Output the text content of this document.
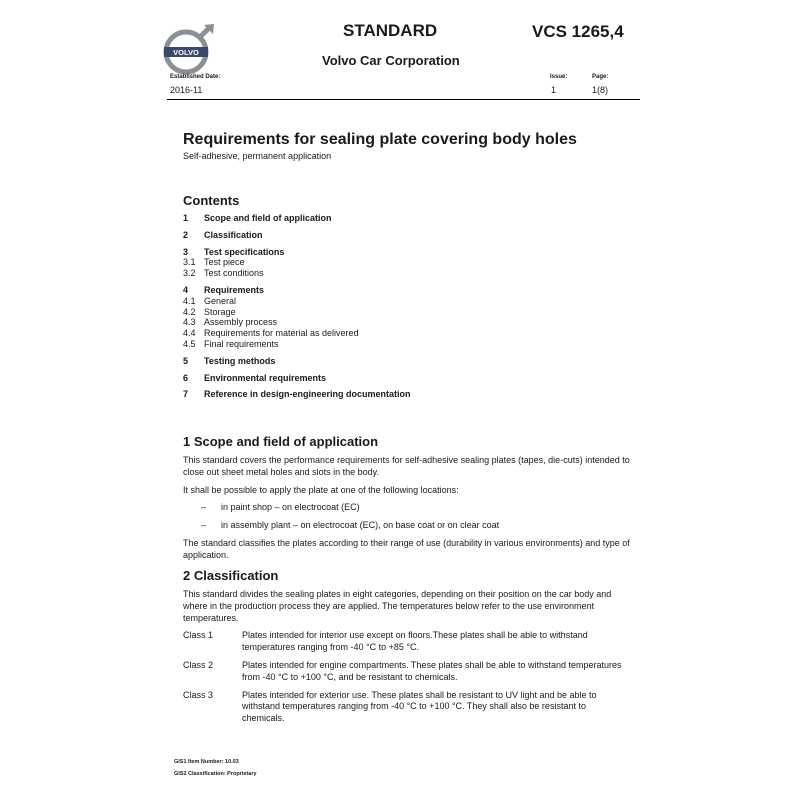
VOLVO
STANDARD	VCS 1265,4
Volvo Car Corporation
Established Date:
2016-11
Issue:
1
Page:
1(8)
Requirements for sealing plate covering body holes
Self-adhesive, permanent application
Contents
1	Scope and field of application
2	Classification
3	Test specifications
3.1 Test piece
3.2 Test conditions
4	Requirements
4.1 General
4.2 Storage
4.3 Assembly process
4.4 Requirements for material as delivered
4.5 Final requirements
5	Testing methods
6	Environmental requirements
7	Reference in design-engineering documentation
1 Scope and field of application

This standard covers the performance requirements for self-adhesive sealing plates (tapes, die-cuts) intended to close out sheet metal holes and slots in the body.

It shall be possible to apply the plate at one of the following locations:

–	in paint shop – on electrocoat (EC)
–	in assembly plant – on electrocoat (EC), on base coat or on clear coat

The standard classifies the plates according to their range of use (durability in various environments) and type of application.

2 Classification

This standard divides the sealing plates in eight categories, depending on their position on the car body and where in the production process they are applied. The temperatures below refer to the use environment temperatures.

Class 1	Plates intended for interior use except on floors.These plates shall be able to withstand temperatures ranging from -40 °C to +85 °C.
Class 2	Plates intended for engine compartments. These plates shall be able to withstand temperatures from -40 °C to +100 °C, and be resistant to chemicals.
Class 3	Plates intended for exterior use. These plates shall be resistant to UV light and be able to withstand temperatures ranging from -40 °C to +100 °C. They shall also be resistant to chemicals.
GIS1 Item Number: 10.03
GIS2 Classification: Proprietary
